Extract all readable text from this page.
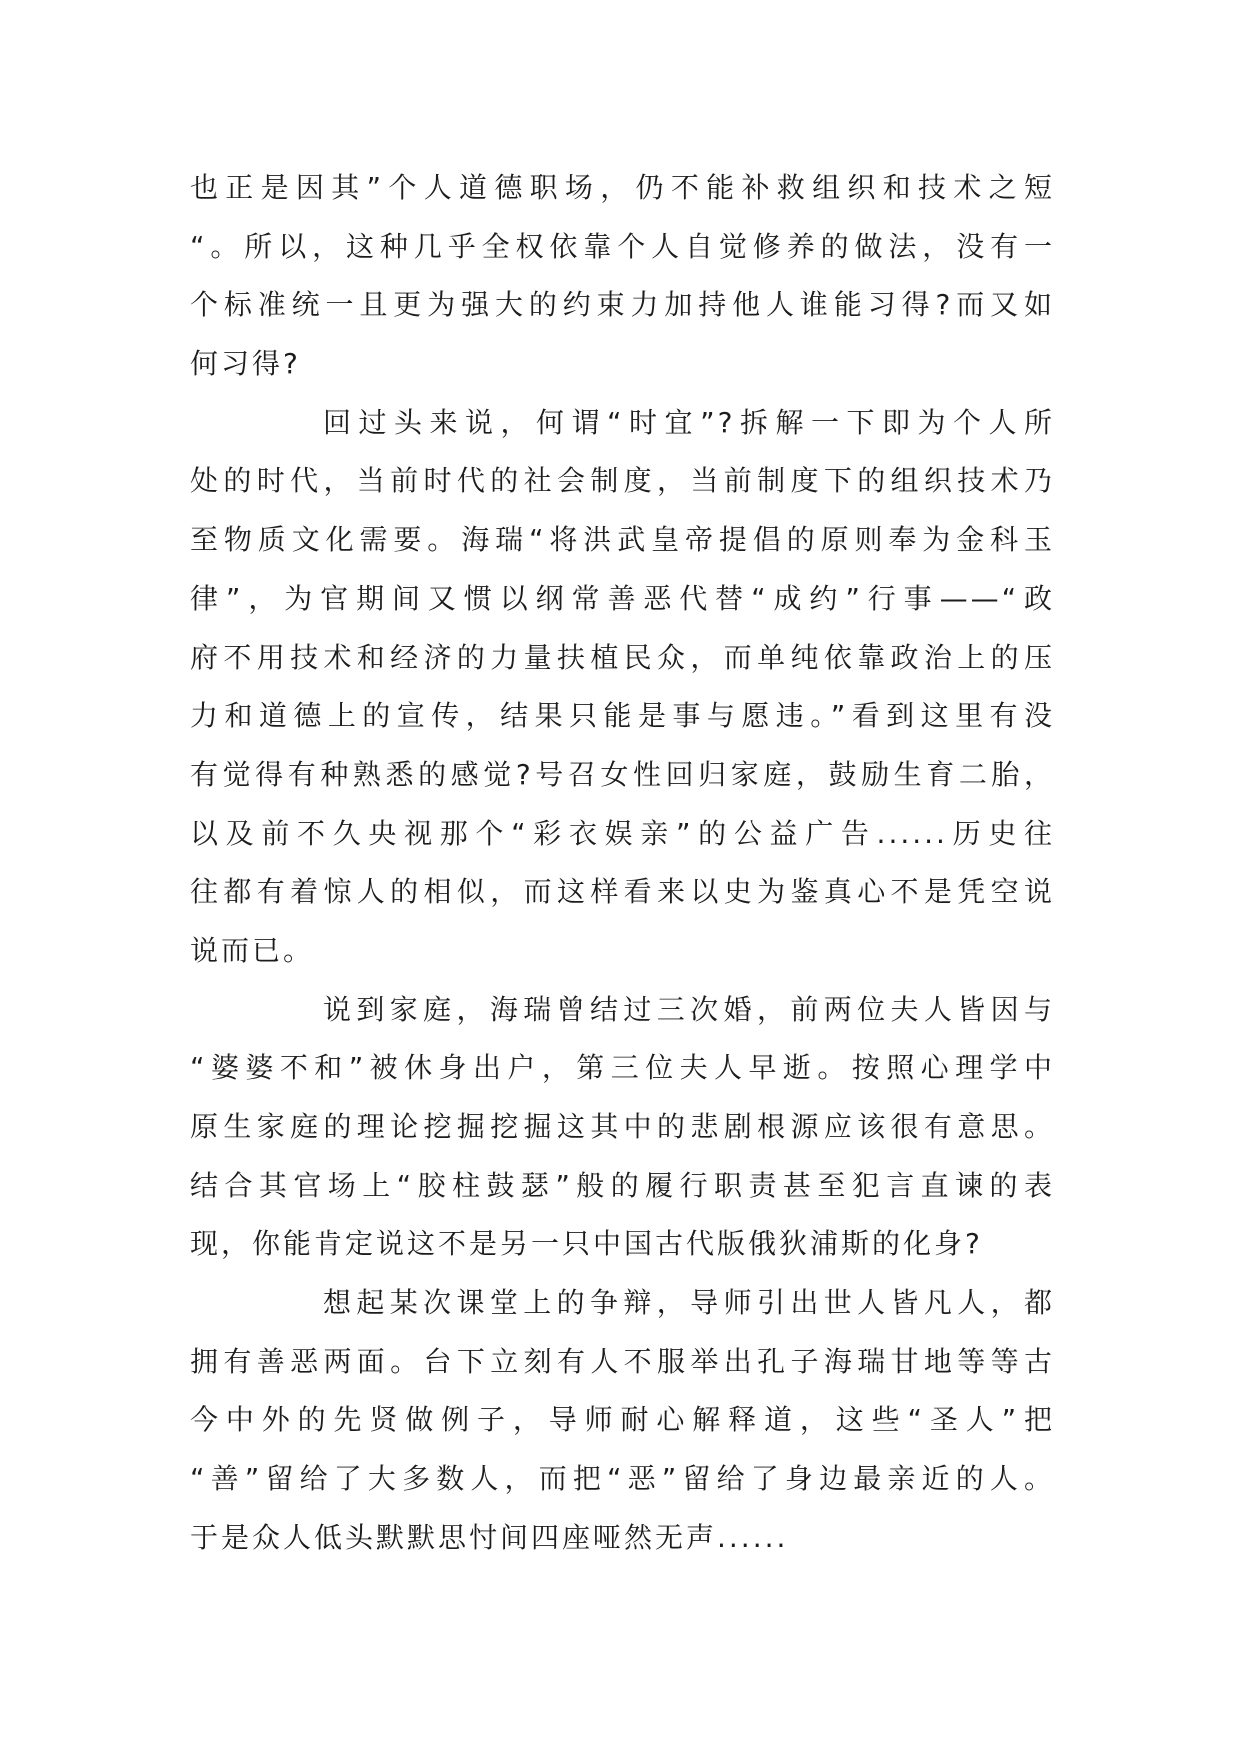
也正是因其”个人道德职场，仍不能补救组织和技术之短
“。所以，这种几乎全权依靠个人自觉修养的做法，没有一
个标准统一且更为强大的约束力加持他人谁能习得?而又如
何习得?
回过头来说，何谓“时宜”?拆解一下即为个人所
处的时代，当前时代的社会制度，当前制度下的组织技术乃
至物质文化需要。海瑞“将洪武皇帝提倡的原则奉为金科玉
律”，为官期间又惯以纲常善恶代替“成约”行事——“政
府不用技术和经济的力量扶植民众，而单纯依靠政治上的压
力和道德上的宣传，结果只能是事与愿违。”看到这里有没
有觉得有种熟悉的感觉?号召女性回归家庭，鼓励生育二胎，
以及前不久央视那个“彩衣娱亲”的公益广告......历史往
往都有着惊人的相似，而这样看来以史为鉴真心不是凭空说
说而已。
说到家庭，海瑞曾结过三次婚，前两位夫人皆因与
“婆婆不和”被休身出户，第三位夫人早逝。按照心理学中
原生家庭的理论挖掘挖掘这其中的悲剧根源应该很有意思。
结合其官场上“胶柱鼓瑟”般的履行职责甚至犯言直谏的表
现，你能肯定说这不是另一只中国古代版俄狄浦斯的化身?
想起某次课堂上的争辩，导师引出世人皆凡人，都
拥有善恶两面。台下立刻有人不服举出孔子海瑞甘地等等古
今中外的先贤做例子，导师耐心解释道，这些“圣人”把
“善”留给了大多数人，而把“恶”留给了身边最亲近的人。
于是众人低头默默思忖间四座哑然无声......
